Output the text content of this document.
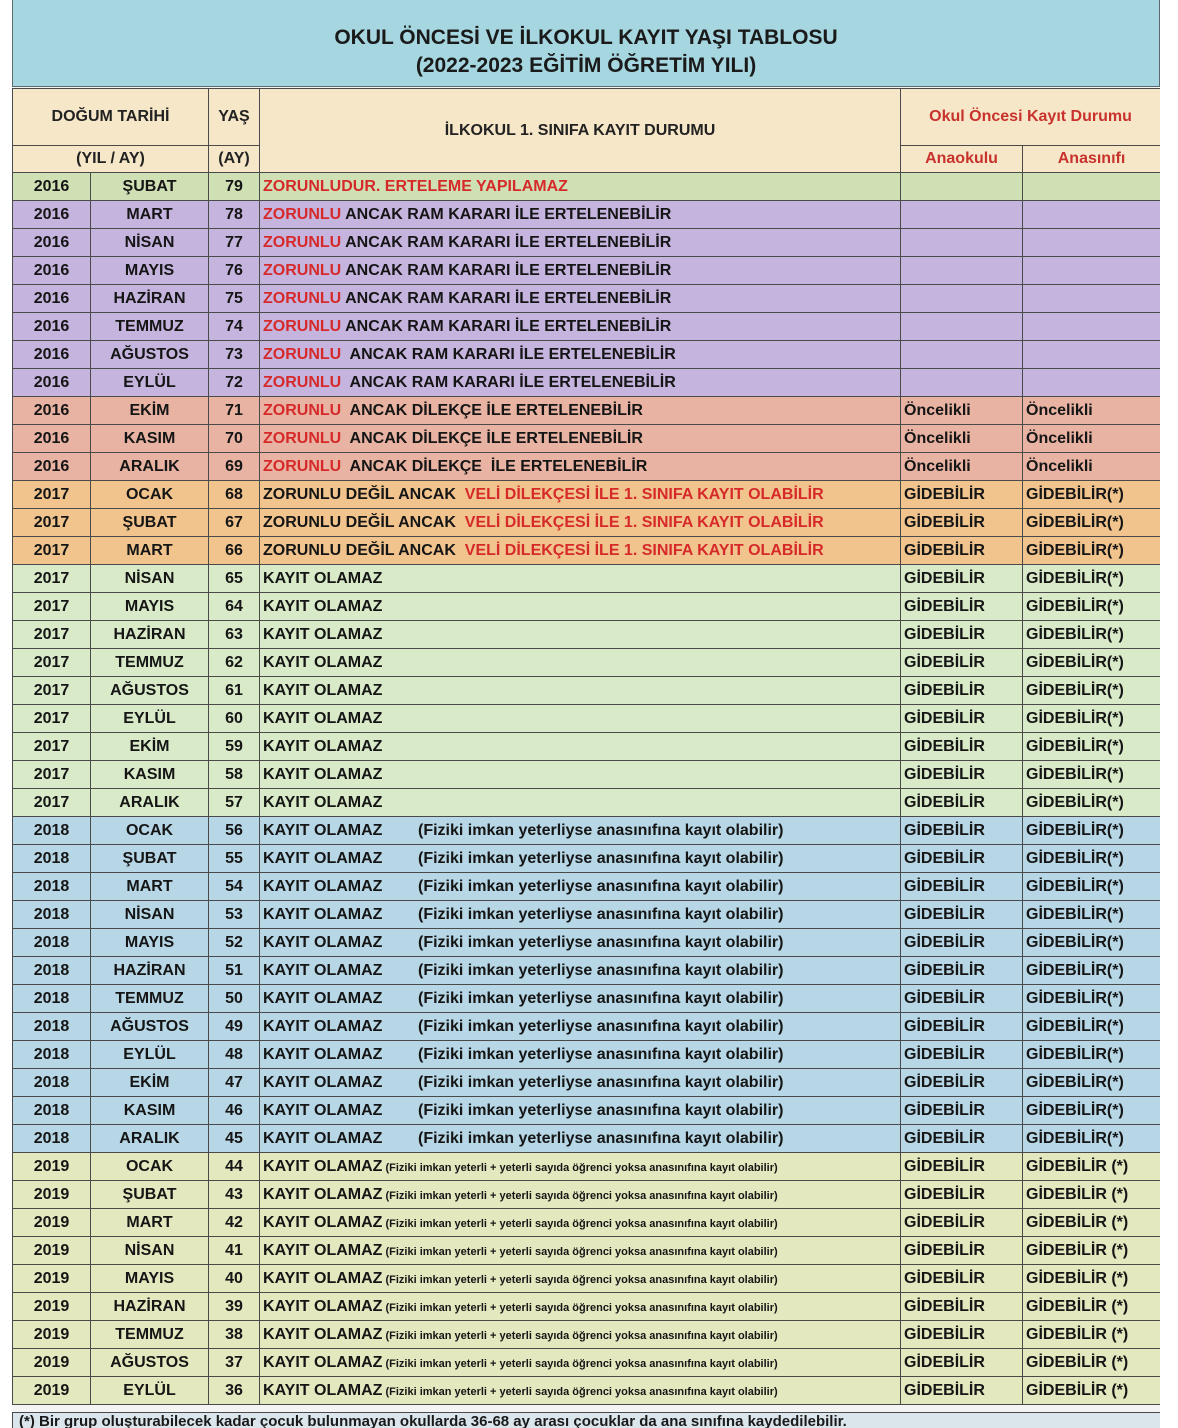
OKUL ÖNCESİ VE İLKOKUL KAYIT YAŞI TABLOSU
(2022-2023 EĞİTİM ÖĞRETİM YILI)
DOĞUM TARİHİ		YAŞ	İLKOKUL 1. SINIFA KAYIT DURUMU	Okul Öncesi Kayıt Durumu	
(YIL / AY)		(AY)		Anaokulu	Anasınıfı
2016	ŞUBAT	79	ZORUNLUDUR. ERTELEME YAPILAMAZ		
2016	MART	78	ZORUNLU ANCAK RAM KARARI İLE ERTELENEBİLİR		
2016	NİSAN	77	ZORUNLU ANCAK RAM KARARI İLE ERTELENEBİLİR		
2016	MAYIS	76	ZORUNLU ANCAK RAM KARARI İLE ERTELENEBİLİR		
2016	HAZİRAN	75	ZORUNLU ANCAK RAM KARARI İLE ERTELENEBİLİR		
2016	TEMMUZ	74	ZORUNLU ANCAK RAM KARARI İLE ERTELENEBİLİR		
2016	AĞUSTOS	73	ZORUNLU  ANCAK RAM KARARI İLE ERTELENEBİLİR		
2016	EYLÜL	72	ZORUNLU  ANCAK RAM KARARI İLE ERTELENEBİLİR		
2016	EKİM	71	ZORUNLU  ANCAK DİLEKÇE İLE ERTELENEBİLİR	Öncelikli	Öncelikli
2016	KASIM	70	ZORUNLU  ANCAK DİLEKÇE İLE ERTELENEBİLİR	Öncelikli	Öncelikli
2016	ARALIK	69	ZORUNLU  ANCAK DİLEKÇE  İLE ERTELENEBİLİR	Öncelikli	Öncelikli
2017	OCAK	68	ZORUNLU DEĞİL ANCAK  VELİ DİLEKÇESİ İLE 1. SINIFA KAYIT OLABİLİR	GİDEBİLİR	GİDEBİLİR(*)
2017	ŞUBAT	67	ZORUNLU DEĞİL ANCAK  VELİ DİLEKÇESİ İLE 1. SINIFA KAYIT OLABİLİR	GİDEBİLİR	GİDEBİLİR(*)
2017	MART	66	ZORUNLU DEĞİL ANCAK  VELİ DİLEKÇESİ İLE 1. SINIFA KAYIT OLABİLİR	GİDEBİLİR	GİDEBİLİR(*)
2017	NİSAN	65	KAYIT OLAMAZ	GİDEBİLİR	GİDEBİLİR(*)
2017	MAYIS	64	KAYIT OLAMAZ	GİDEBİLİR	GİDEBİLİR(*)
2017	HAZİRAN	63	KAYIT OLAMAZ	GİDEBİLİR	GİDEBİLİR(*)
2017	TEMMUZ	62	KAYIT OLAMAZ	GİDEBİLİR	GİDEBİLİR(*)
2017	AĞUSTOS	61	KAYIT OLAMAZ	GİDEBİLİR	GİDEBİLİR(*)
2017	EYLÜL	60	KAYIT OLAMAZ	GİDEBİLİR	GİDEBİLİR(*)
2017	EKİM	59	KAYIT OLAMAZ	GİDEBİLİR	GİDEBİLİR(*)
2017	KASIM	58	KAYIT OLAMAZ	GİDEBİLİR	GİDEBİLİR(*)
2017	ARALIK	57	KAYIT OLAMAZ	GİDEBİLİR	GİDEBİLİR(*)
2018	OCAK	56	KAYIT OLAMAZ        (Fiziki imkan yeterliyse anasınıfına kayıt olabilir)	GİDEBİLİR	GİDEBİLİR(*)
2018	ŞUBAT	55	KAYIT OLAMAZ        (Fiziki imkan yeterliyse anasınıfına kayıt olabilir)	GİDEBİLİR	GİDEBİLİR(*)
2018	MART	54	KAYIT OLAMAZ        (Fiziki imkan yeterliyse anasınıfına kayıt olabilir)	GİDEBİLİR	GİDEBİLİR(*)
2018	NİSAN	53	KAYIT OLAMAZ        (Fiziki imkan yeterliyse anasınıfına kayıt olabilir)	GİDEBİLİR	GİDEBİLİR(*)
2018	MAYIS	52	KAYIT OLAMAZ        (Fiziki imkan yeterliyse anasınıfına kayıt olabilir)	GİDEBİLİR	GİDEBİLİR(*)
2018	HAZİRAN	51	KAYIT OLAMAZ        (Fiziki imkan yeterliyse anasınıfına kayıt olabilir)	GİDEBİLİR	GİDEBİLİR(*)
2018	TEMMUZ	50	KAYIT OLAMAZ        (Fiziki imkan yeterliyse anasınıfına kayıt olabilir)	GİDEBİLİR	GİDEBİLİR(*)
2018	AĞUSTOS	49	KAYIT OLAMAZ        (Fiziki imkan yeterliyse anasınıfına kayıt olabilir)	GİDEBİLİR	GİDEBİLİR(*)
2018	EYLÜL	48	KAYIT OLAMAZ        (Fiziki imkan yeterliyse anasınıfına kayıt olabilir)	GİDEBİLİR	GİDEBİLİR(*)
2018	EKİM	47	KAYIT OLAMAZ        (Fiziki imkan yeterliyse anasınıfına kayıt olabilir)	GİDEBİLİR	GİDEBİLİR(*)
2018	KASIM	46	KAYIT OLAMAZ        (Fiziki imkan yeterliyse anasınıfına kayıt olabilir)	GİDEBİLİR	GİDEBİLİR(*)
2018	ARALIK	45	KAYIT OLAMAZ        (Fiziki imkan yeterliyse anasınıfına kayıt olabilir)	GİDEBİLİR	GİDEBİLİR(*)
2019	OCAK	44	KAYIT OLAMAZ (Fiziki imkan yeterli + yeterli sayıda öğrenci yoksa anasınıfına kayıt olabilir)	GİDEBİLİR	GİDEBİLİR (*)
2019	ŞUBAT	43	KAYIT OLAMAZ (Fiziki imkan yeterli + yeterli sayıda öğrenci yoksa anasınıfına kayıt olabilir)	GİDEBİLİR	GİDEBİLİR (*)
2019	MART	42	KAYIT OLAMAZ (Fiziki imkan yeterli + yeterli sayıda öğrenci yoksa anasınıfına kayıt olabilir)	GİDEBİLİR	GİDEBİLİR (*)
2019	NİSAN	41	KAYIT OLAMAZ (Fiziki imkan yeterli + yeterli sayıda öğrenci yoksa anasınıfına kayıt olabilir)	GİDEBİLİR	GİDEBİLİR (*)
2019	MAYIS	40	KAYIT OLAMAZ (Fiziki imkan yeterli + yeterli sayıda öğrenci yoksa anasınıfına kayıt olabilir)	GİDEBİLİR	GİDEBİLİR (*)
2019	HAZİRAN	39	KAYIT OLAMAZ (Fiziki imkan yeterli + yeterli sayıda öğrenci yoksa anasınıfına kayıt olabilir)	GİDEBİLİR	GİDEBİLİR (*)
2019	TEMMUZ	38	KAYIT OLAMAZ (Fiziki imkan yeterli + yeterli sayıda öğrenci yoksa anasınıfına kayıt olabilir)	GİDEBİLİR	GİDEBİLİR (*)
2019	AĞUSTOS	37	KAYIT OLAMAZ (Fiziki imkan yeterli + yeterli sayıda öğrenci yoksa anasınıfına kayıt olabilir)	GİDEBİLİR	GİDEBİLİR (*)
2019	EYLÜL	36	KAYIT OLAMAZ (Fiziki imkan yeterli + yeterli sayıda öğrenci yoksa anasınıfına kayıt olabilir)	GİDEBİLİR	GİDEBİLİR (*)
(*) Bir grup oluşturabilecek kadar çocuk bulunmayan okullarda 36-68 ay arası çocuklar da ana sınıfına kaydedilebilir.
